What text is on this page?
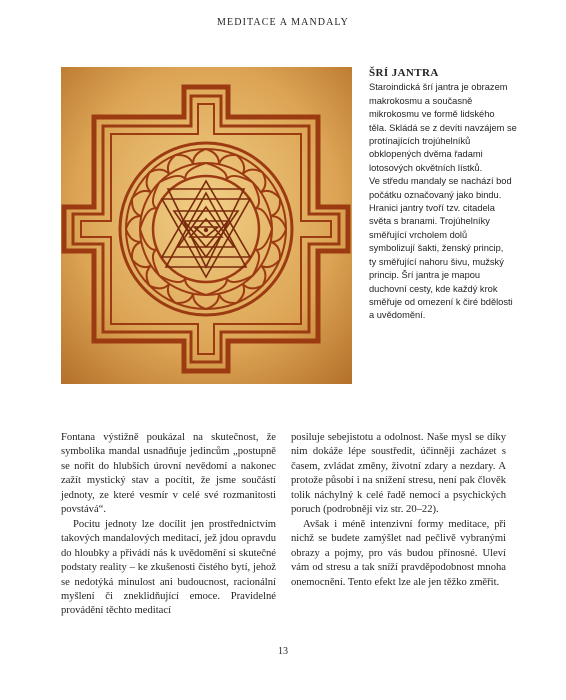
MEDITACE A MANDALY
ŠRÍ JANTRA

Staroindická šrí jantra je obrazem

makrokosmu a současně

mikrokosmu ve formě lidského

těla. Skládá se z devíti navzájem se

protínajících trojúhelníků

obklopených dvěma řadami

lotosových okvětních lístků.

Ve středu mandaly se nachází bod

počátku označovaný jako bindu.

Hranici jantry tvoří tzv. citadela

světa s branami. Trojúhelníky

směřující vrcholem dolů

symbolizují šakti, ženský princip,

ty směřující nahoru šivu, mužský

princip. Šrí jantra je mapou

duchovní cesty, kde každý krok

směřuje od omezení k čiré bdělosti

a uvědomění.

Fontana výstižně poukázal na skutečnost, že symbolika mandal usnadňuje jedincům „postupně se nořit do hlubších úrovní nevědomí a nakonec zažít mystický stav a pocítit, že jsme součástí jednoty, ze které vesmír v celé své rozmanitosti povstává“.

Pocitu jednoty lze docílit jen prostřednictvím takových mandalových meditací, jež jdou opravdu do hloubky a přivádí nás k uvědomění si skutečné podstaty reality – ke zkušenosti čistého bytí, jehož se nedotýká minulost ani budoucnost, racionální myšlení či zneklidňující emoce. Pravidelné provádění těchto meditací

posiluje sebejistotu a odolnost. Naše mysl se díky nim dokáže lépe soustředit, účinněji zacházet s časem, zvládat změny, životní zdary a nezdary. A protože působí i na snížení stresu, není pak člověk tolik náchylný k celé řadě nemocí a psychických poruch (podrobněji viz str. 20–22).

Avšak i méně intenzivní formy meditace, při nichž se budete zamýšlet nad pečlivě vybranými obrazy a pojmy, pro vás budou přínosné. Uleví vám od stresu a tak sníží pravděpodobnost mnoha onemocnění. Tento efekt lze ale jen těžko změřit.

13
